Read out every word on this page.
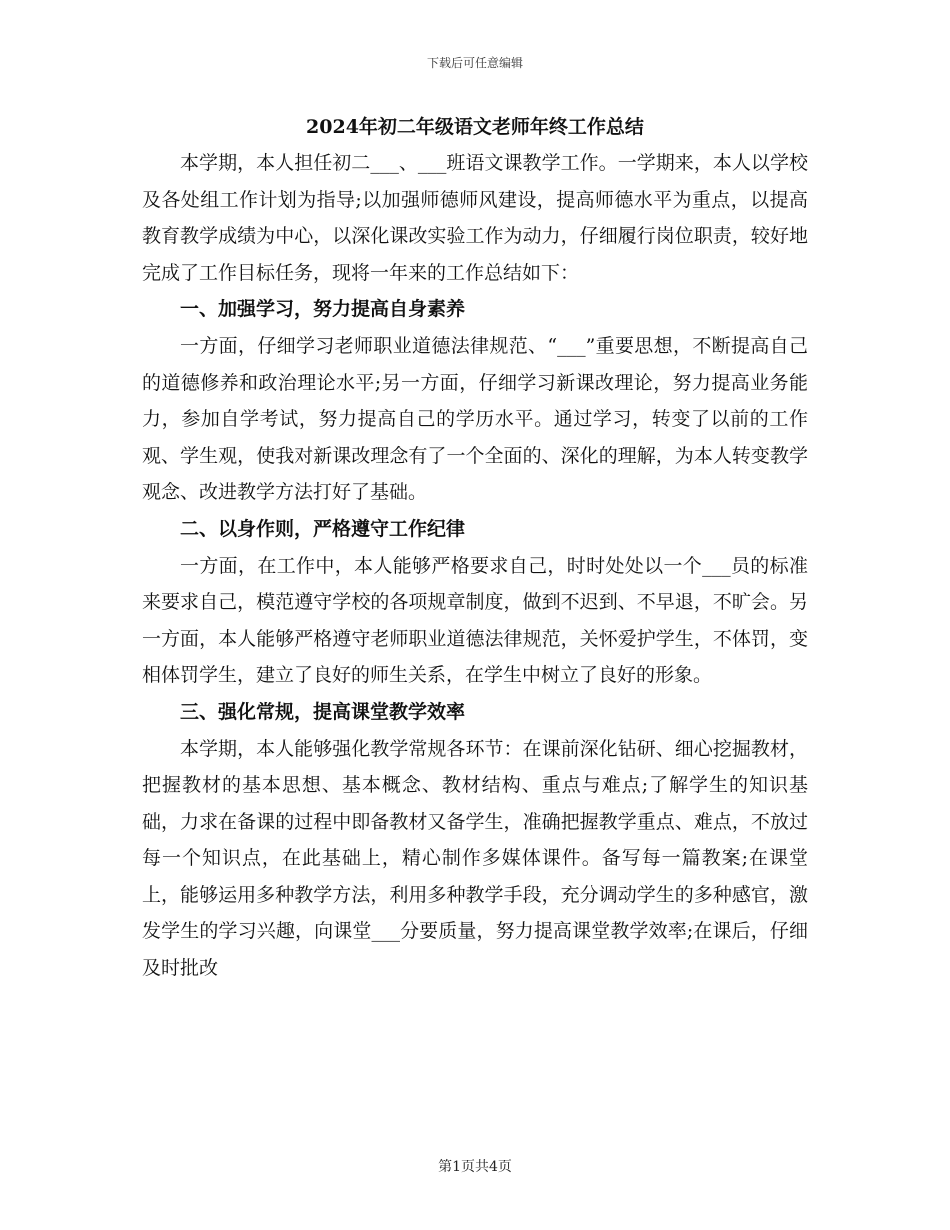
下载后可任意编辑
2024年初二年级语文老师年终工作总结

本学期，本人担任初二___、___班语文课教学工作。一学期来，本人以学校及各处组工作计划为指导;以加强师德师风建设，提高师德水平为重点，以提高教育教学成绩为中心，以深化课改实验工作为动力，仔细履行岗位职责，较好地完成了工作目标任务，现将一年来的工作总结如下：

一、加强学习，努力提高自身素养

一方面，仔细学习老师职业道德法律规范、“___”重要思想，不断提高自己的道德修养和政治理论水平;另一方面，仔细学习新课改理论，努力提高业务能力，参加自学考试，努力提高自己的学历水平。通过学习，转变了以前的工作观、学生观，使我对新课改理念有了一个全面的、深化的理解，为本人转变教学观念、改进教学方法打好了基础。

二、以身作则，严格遵守工作纪律

一方面，在工作中，本人能够严格要求自己，时时处处以一个___员的标准来要求自己，模范遵守学校的各项规章制度，做到不迟到、不早退，不旷会。另一方面，本人能够严格遵守老师职业道德法律规范，关怀爱护学生，不体罚，变相体罚学生，建立了良好的师生关系，在学生中树立了良好的形象。

三、强化常规，提高课堂教学效率

本学期，本人能够强化教学常规各环节：在课前深化钻研、细心挖掘教材，把握教材的基本思想、基本概念、教材结构、重点与难点;了解学生的知识基础，力求在备课的过程中即备教材又备学生，准确把握教学重点、难点，不放过每一个知识点，在此基础上，精心制作多媒体课件。备写每一篇教案;在课堂上，能够运用多种教学方法，利用多种教学手段，充分调动学生的多种感官，激发学生的学习兴趣，向课堂___分要质量，努力提高课堂教学效率;在课后，仔细及时批改

第1页共4页
